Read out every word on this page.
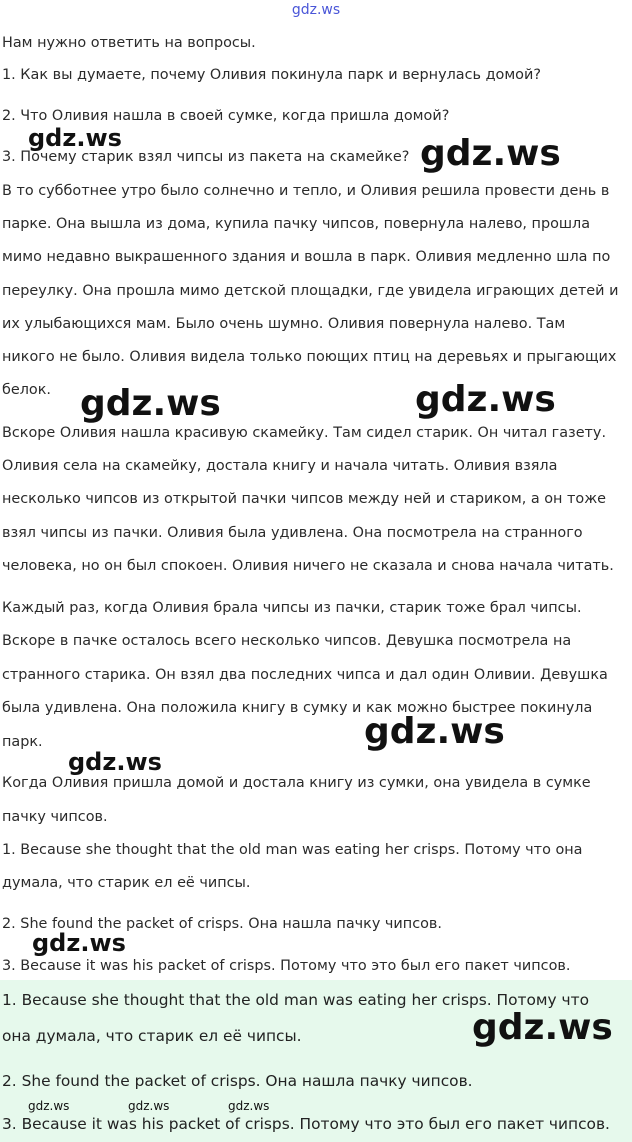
gdz.ws
Нам нужно ответить на вопросы.
1. Как вы думаете, почему Оливия покинула парк и вернулась домой?
2. Что Оливия нашла в своей сумке, когда пришла домой?
3. Почему старик взял чипсы из пакета на скамейке?
В то субботнее утро было солнечно и тепло, и Оливия решила провести день в
парке. Она вышла из дома, купила пачку чипсов, повернула налево, прошла
мимо недавно выкрашенного здания и вошла в парк. Оливия медленно шла по
переулку. Она прошла мимо детской площадки, где увидела играющих детей и
их улыбающихся мам. Было очень шумно. Оливия повернула налево. Там
никого не было. Оливия видела только поющих птиц на деревьях и прыгающих
белок.
Вскоре Оливия нашла красивую скамейку. Там сидел старик. Он читал газету.
Оливия села на скамейку, достала книгу и начала читать. Оливия взяла
несколько чипсов из открытой пачки чипсов между ней и стариком, а он тоже
взял чипсы из пачки. Оливия была удивлена. Она посмотрела на странного
человека, но он был спокоен. Оливия ничего не сказала и снова начала читать.
Каждый раз, когда Оливия брала чипсы из пачки, старик тоже брал чипсы.
Вскоре в пачке осталось всего несколько чипсов. Девушка посмотрела на
странного старика. Он взял два последних чипса и дал один Оливии. Девушка
была удивлена. Она положила книгу в сумку и как можно быстрее покинула
парк.
Когда Оливия пришла домой и достала книгу из сумки, она увидела в сумке
пачку чипсов.
1. Because she thought that the old man was eating her crisps. Потому что она
думала, что старик ел её чипсы.
2. She found the packet of crisps. Она нашла пачку чипсов.
3. Because it was his packet of crisps. Потому что это был его пакет чипсов.
1. Because she thought that the old man was eating her crisps. Потому что
она думала, что старик ел её чипсы.
2. She found the packet of crisps. Она нашла пачку чипсов.
3. Because it was his packet of crisps. Потому что это был его пакет чипсов.
gdz.ws	gdz.ws
gdz.ws	gdz.ws
gdz.ws
gdz.ws
gdz.ws
gdz.ws
gdz.ws	gdz.ws	gdz.ws
